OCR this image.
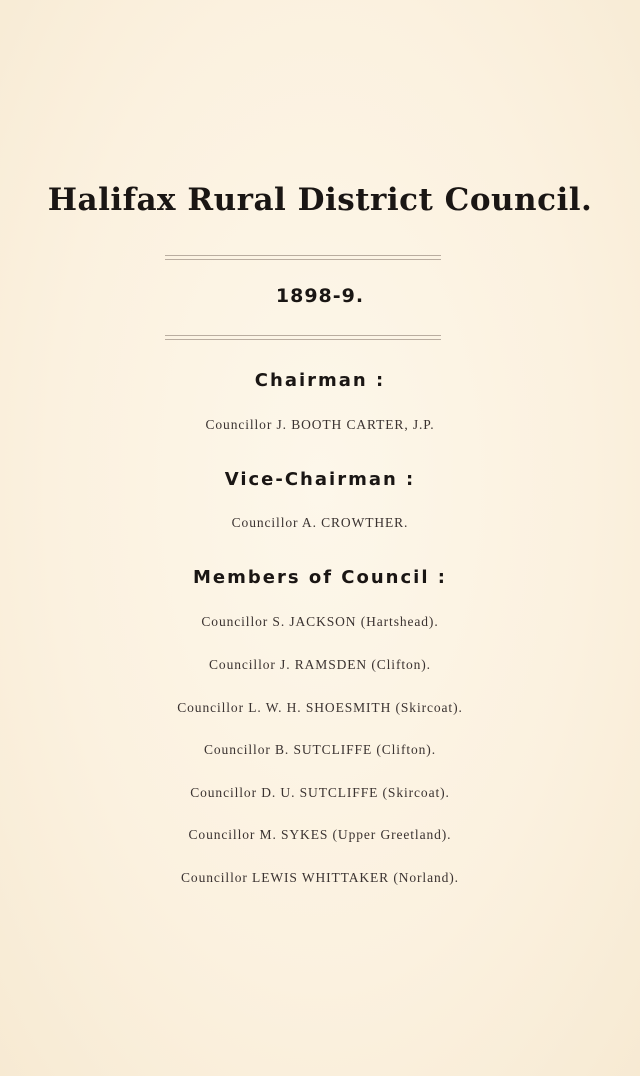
Halifax Rural District Council.
1898-9.
Chairman :
Councillor J. BOOTH CARTER, J.P.
Vice-Chairman :
Councillor A. CROWTHER.
Members of Council :
Councillor S. JACKSON (Hartshead).
Councillor J. RAMSDEN (Clifton).
Councillor L. W. H. SHOESMITH (Skircoat).
Councillor B. SUTCLIFFE (Clifton).
Councillor D. U. SUTCLIFFE (Skircoat).
Councillor M. SYKES (Upper Greetland).
Councillor LEWIS WHITTAKER (Norland).
